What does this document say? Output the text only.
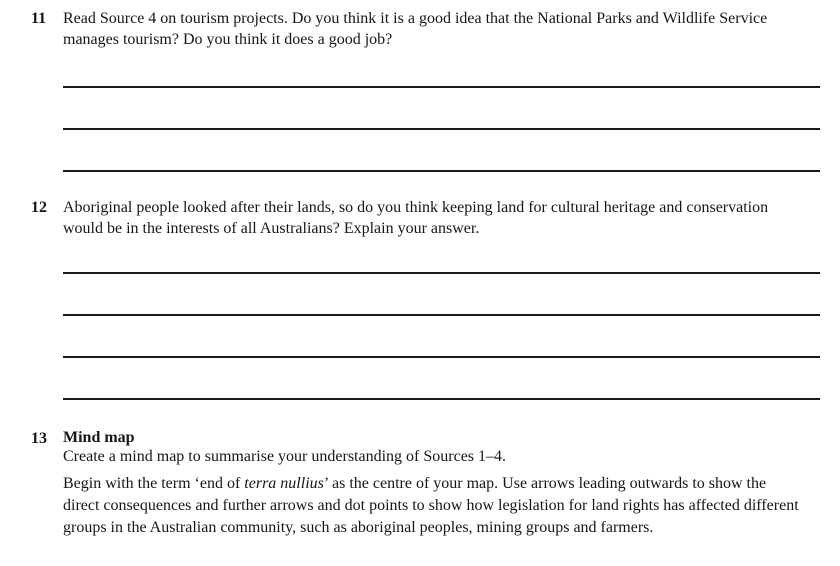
11	Read Source 4 on tourism projects. Do you think it is a good idea that the National Parks and Wildlife Service manages tourism? Do you think it does a good job?

12	Aboriginal people looked after their lands, so do you think keeping land for cultural heritage and conservation would be in the interests of all Australians? Explain your answer.

13	Mind map

Create a mind map to summarise your understanding of Sources 1–4.

Begin with the term ‘end of terra nullius’ as the centre of your map. Use arrows leading outwards to show the direct consequences and further arrows and dot points to show how legislation for land rights has affected different groups in the Australian community, such as aboriginal peoples, mining groups and farmers.
